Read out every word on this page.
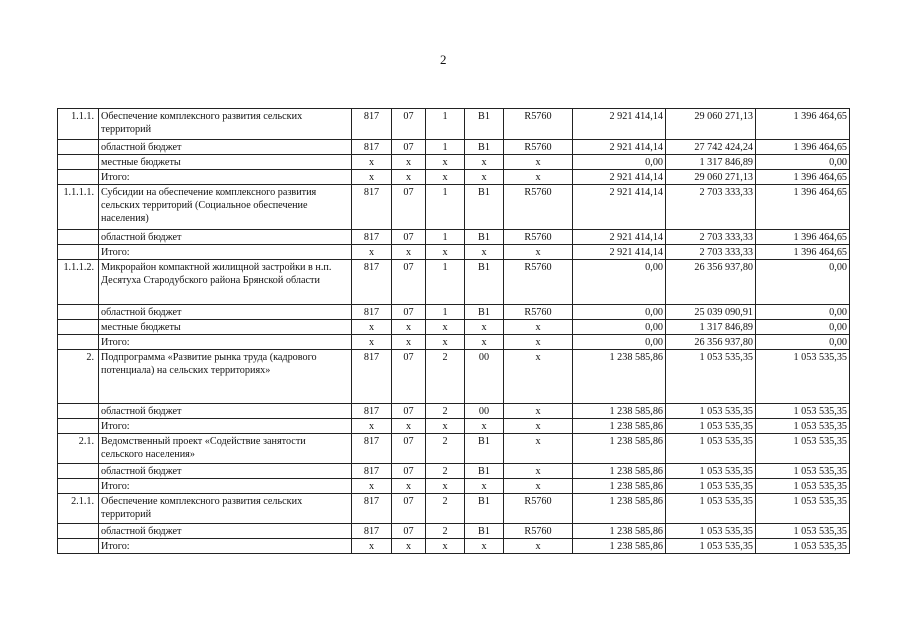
2
1.1.1.	Обеспечение комплексного развития сельских территорий	817	07	1	В1	R5760	2 921 414,14	29 060 271,13	1 396 464,65
	областной бюджет	817	07	1	В1	R5760	2 921 414,14	27 742 424,24	1 396 464,65
	местные бюджеты	х	х	х	х	х	0,00	1 317 846,89	0,00
	Итого:	х	х	х	х	х	2 921 414,14	29 060 271,13	1 396 464,65
1.1.1.1.	Субсидии на обеспечение комплексного развития сельских территорий (Социальное обеспечение населения)	817	07	1	В1	R5760	2 921 414,14	2 703 333,33	1 396 464,65
	областной бюджет	817	07	1	В1	R5760	2 921 414,14	2 703 333,33	1 396 464,65
	Итого:	х	х	х	х	х	2 921 414,14	2 703 333,33	1 396 464,65
1.1.1.2.	Микрорайон компактной жилищной застройки в н.п. Десятуха Стародубского района Брянской области	817	07	1	В1	R5760	0,00	26 356 937,80	0,00
	областной бюджет	817	07	1	В1	R5760	0,00	25 039 090,91	0,00
	местные бюджеты	х	х	х	х	х	0,00	1 317 846,89	0,00
	Итого:	х	х	х	х	х	0,00	26 356 937,80	0,00
2.	Подпрограмма «Развитие рынка труда (кадрового потенциала) на сельских территориях»	817	07	2	00	х	1 238 585,86	1 053 535,35	1 053 535,35
	областной бюджет	817	07	2	00	х	1 238 585,86	1 053 535,35	1 053 535,35
	Итого:	х	х	х	х	х	1 238 585,86	1 053 535,35	1 053 535,35
2.1.	Ведомственный проект «Содействие занятости сельского населения»	817	07	2	В1	х	1 238 585,86	1 053 535,35	1 053 535,35
	областной бюджет	817	07	2	В1	х	1 238 585,86	1 053 535,35	1 053 535,35
	Итого:	х	х	х	х	х	1 238 585,86	1 053 535,35	1 053 535,35
2.1.1.	Обеспечение комплексного развития сельских территорий	817	07	2	В1	R5760	1 238 585,86	1 053 535,35	1 053 535,35
	областной бюджет	817	07	2	В1	R5760	1 238 585,86	1 053 535,35	1 053 535,35
	Итого:	х	х	х	х	х	1 238 585,86	1 053 535,35	1 053 535,35
